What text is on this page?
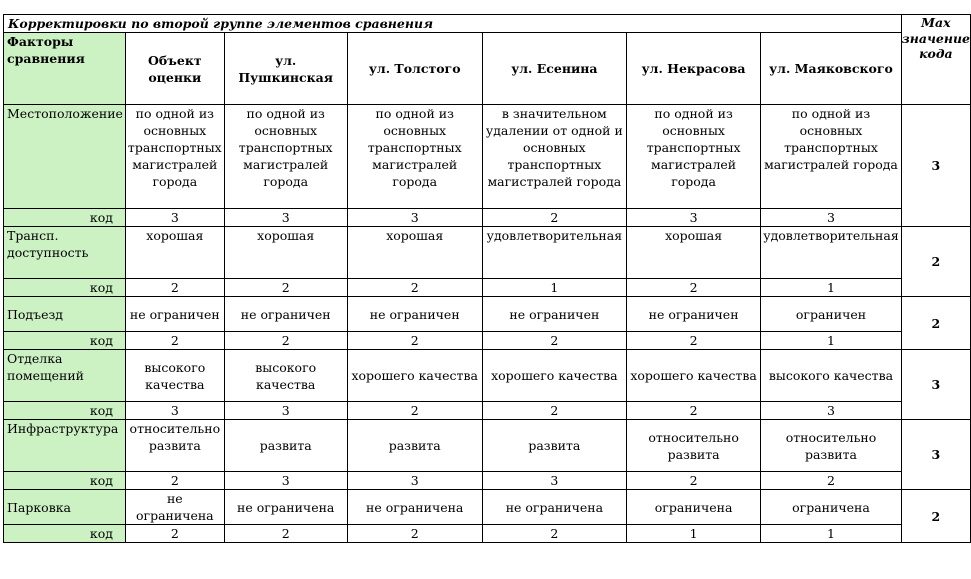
Корректировки по второй группе элементов сравнения							Max значение кода
Факторы сравнения	Объект оценки	ул. Пушкинская	ул. Толстого	ул. Есенина	ул. Некрасова	ул. Маяковского	
Местоположение	по одной из основных транспортных магистралей города	по одной из основных транспортных магистралей города	по одной из основных транспортных магистралей города	в значительном удалении от одной и основных транспортных магистралей города	по одной из основных транспортных магистралей города	по одной из основных транспортных магистралей города	3
код	3	3	3	2	3	3	
Трансп. доступность	хорошая	хорошая	хорошая	удовлетворительная	хорошая	удовлетворительная	2
код	2	2	2	1	2	1	
Подъезд	не ограничен	не ограничен	не ограничен	не ограничен	не ограничен	ограничен	2
код	2	2	2	2	2	1	
Отделка помещений	высокого качества	высокого качества	хорошего качества	хорошего качества	хорошего качества	высокого качества	3
код	3	3	2	2	2	3	
Инфраструктура	относительно развита	развита	развита	развита	относительно развита	относительно развита	3
код	2	3	3	3	2	2	
Парковка	не ограничена	не ограничена	не ограничена	не ограничена	ограничена	ограничена	2
код	2	2	2	2	1	1	
